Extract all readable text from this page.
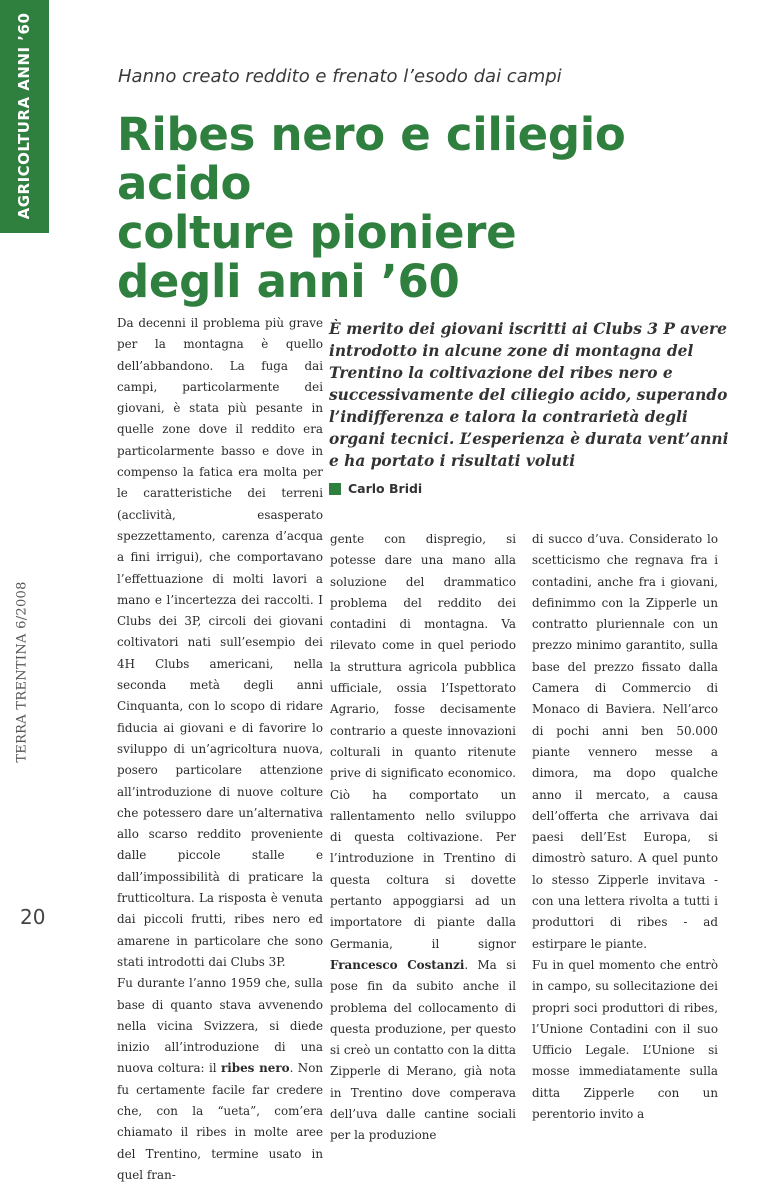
AGRICOLTURA ANNI ’60
TERRA TRENTINA 6/2008
20
Hanno creato reddito e frenato l’esodo dai campi
Ribes nero e ciliegio acido
colture pioniere
degli anni ’60

È merito dei giovani iscritti ai Clubs 3 P avere introdotto in alcune zone di montagna del Trentino la coltivazione del ribes nero e successivamente del ciliegio acido, superando l’indifferenza e talora la contrarietà degli organi tecnici. L’esperienza è durata vent’anni e ha portato i risultati voluti

Carlo Bridi

Da decenni il problema più grave per la montagna è quello dell’abbandono. La fuga dai campi, particolarmente dei giovani, è stata più pesante in quelle zone dove il reddito era particolarmente basso e dove in compenso la fatica era molta per le caratteristiche dei terreni (acclività, esasperato spezzettamento, carenza d’acqua a fini irrigui), che comportavano l’effettuazione di molti lavori a mano e l’incertezza dei raccolti. I Clubs dei 3P, circoli dei giovani coltivatori nati sull’esempio dei 4H Clubs americani, nella seconda metà degli anni Cinquanta, con lo scopo di ridare fiducia ai giovani e di favorire lo sviluppo di un’agricoltura nuova, posero particolare attenzione all’introduzione di nuove colture che potessero dare un’alternativa allo scarso reddito proveniente dalle piccole stalle e dall’impossibilità di praticare la frutticoltura. La risposta è venuta dai piccoli frutti, ribes nero ed amarene in particolare che sono stati introdotti dai Clubs 3P.

Fu durante l’anno 1959 che, sulla base di quanto stava avvenendo nella vicina Svizzera, si diede inizio all’introduzione di una nuova coltura: il ribes nero. Non fu certamente facile far credere che, con la “ueta”, com’era chiamato il ribes in molte aree del Trentino, termine usato in quel fran-

gente con dispregio, si potesse dare una mano alla soluzione del drammatico problema del reddito dei contadini di montagna. Va rilevato come in quel periodo la struttura agricola pubblica ufficiale, ossia l’Ispettorato Agrario, fosse decisamente contrario a queste innovazioni colturali in quanto ritenute prive di significato economico. Ciò ha comportato un rallentamento nello sviluppo di questa coltivazione. Per l’introduzione in Trentino di questa coltura si dovette pertanto appoggiarsi ad un importatore di piante dalla Germania, il signor Francesco Costanzi. Ma si pose fin da subito anche il problema del collocamento di questa produzione, per questo si creò un contatto con la ditta Zipperle di Merano, già nota in Trentino dove comperava dell’uva dalle cantine sociali per la produzione

di succo d’uva. Considerato lo scetticismo che regnava fra i contadini, anche fra i giovani, definimmo con la Zipperle un contratto pluriennale con un prezzo minimo garantito, sulla base del prezzo fissato dalla Camera di Commercio di Monaco di Baviera. Nell’arco di pochi anni ben 50.000 piante vennero messe a dimora, ma dopo qualche anno il mercato, a causa dell’offerta che arrivava dai paesi dell’Est Europa, si dimostrò saturo. A quel punto lo stesso Zipperle invitava - con una lettera rivolta a tutti i produttori di ribes - ad estirpare le piante.

Fu in quel momento che entrò in campo, su sollecitazione dei propri soci produttori di ribes, l’Unione Contadini con il suo Ufficio Legale. L’Unione si mosse immediatamente sulla ditta Zipperle con un perentorio invito a
